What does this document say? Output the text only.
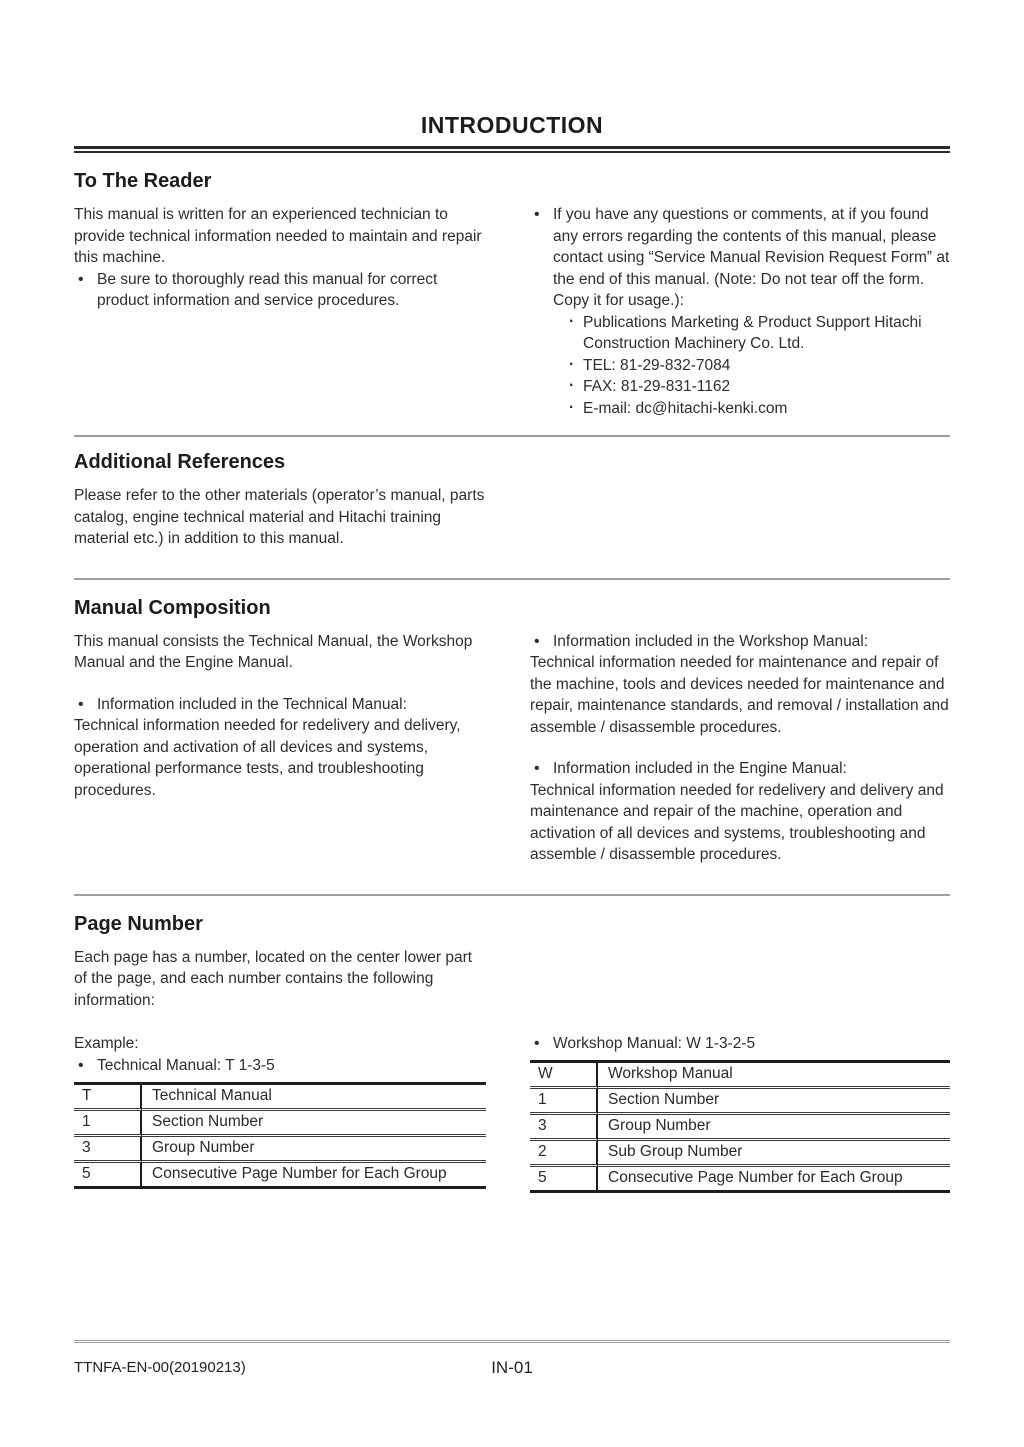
INTRODUCTION
To The Reader

This manual is written for an experienced technician to provide technical information needed to maintain and repair this machine.

• Be sure to thoroughly read this manual for correct product information and service procedures.
• If you have any questions or comments, at if you found any errors regarding the contents of this manual, please contact using “Service Manual Revision Request Form” at the end of this manual. (Note: Do not tear off the form. Copy it for usage.):
· Publications Marketing & Product Support Hitachi Construction Machinery Co. Ltd.
· TEL: 81-29-832-7084
· FAX: 81-29-831-1162
· E-mail: dc@hitachi-kenki.com
Additional References

Please refer to the other materials (operator’s manual, parts catalog, engine technical material and Hitachi training material etc.) in addition to this manual.

Manual Composition

This manual consists the Technical Manual, the Workshop Manual and the Engine Manual.

• Information included in the Technical Manual:

Technical information needed for redelivery and delivery, operation and activation of all devices and systems, operational performance tests, and troubleshooting procedures.

• Information included in the Workshop Manual:

Technical information needed for maintenance and repair of the machine, tools and devices needed for maintenance and repair, maintenance standards, and removal / installation and assemble / disassemble procedures.

• Information included in the Engine Manual:

Technical information needed for redelivery and delivery and maintenance and repair of the machine, operation and activation of all devices and systems, troubleshooting and assemble / disassemble procedures.

Page Number

Each page has a number, located on the center lower part of the page, and each number contains the following information:

Example:

• Technical Manual: T 1-3-5

T	Technical Manual
1	Section Number
3	Group Number
5	Consecutive Page Number for Each Group

• Workshop Manual: W 1-3-2-5

W	Workshop Manual
1	Section Number
3	Group Number
2	Sub Group Number
5	Consecutive Page Number for Each Group
TTNFA-EN-00(20190213)	IN-01
